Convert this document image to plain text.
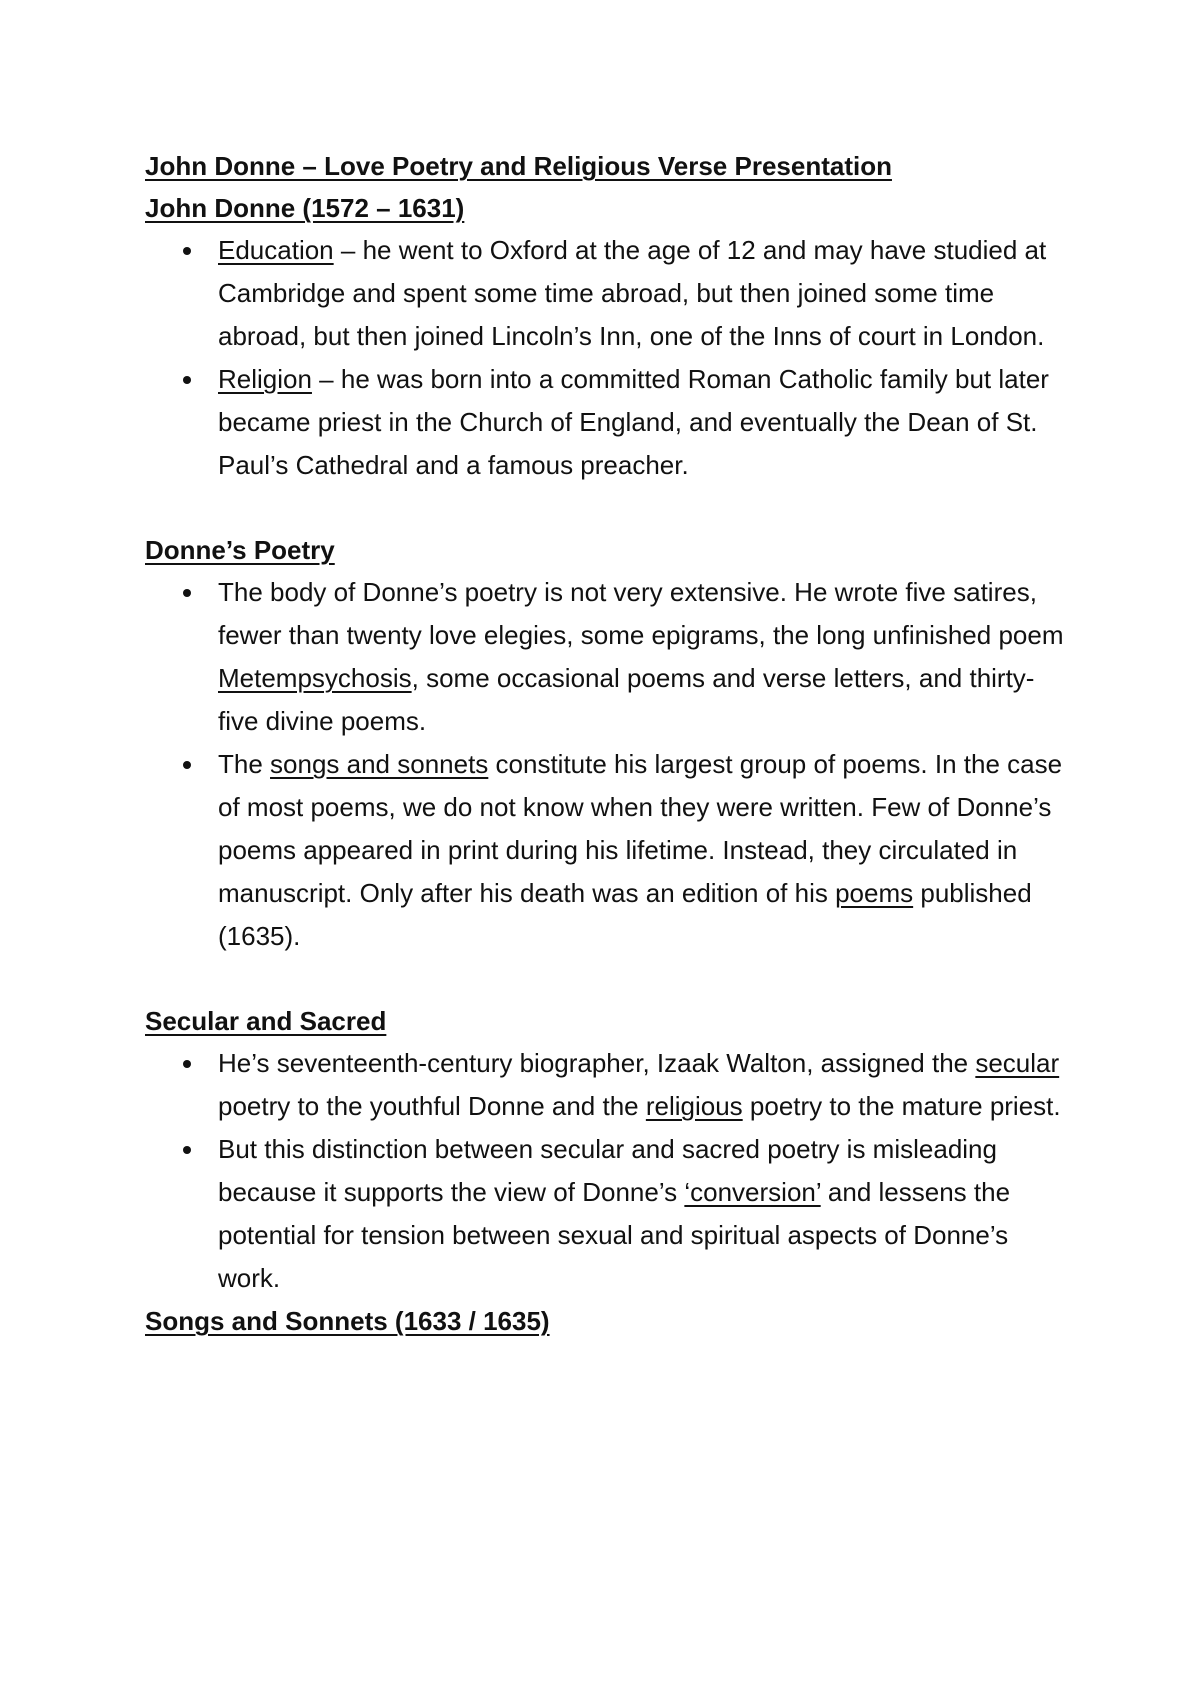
John Donne – Love Poetry and Religious Verse Presentation

John Donne (1572 – 1631)

Education – he went to Oxford at the age of 12 and may have studied at Cambridge and spent some time abroad, but then joined some time abroad, but then joined Lincoln’s Inn, one of the Inns of court in London.
Religion – he was born into a committed Roman Catholic family but later became priest in the Church of England, and eventually the Dean of St. Paul’s Cathedral and a famous preacher.

Donne’s Poetry

The body of Donne’s poetry is not very extensive. He wrote five satires, fewer than twenty love elegies, some epigrams, the long unfinished poem Metempsychosis, some occasional poems and verse letters, and thirty-five divine poems.
The songs and sonnets constitute his largest group of poems. In the case of most poems, we do not know when they were written. Few of Donne’s poems appeared in print during his lifetime. Instead, they circulated in manuscript. Only after his death was an edition of his poems published (1635).

Secular and Sacred

He’s seventeenth-century biographer, Izaak Walton, assigned the secular poetry to the youthful Donne and the religious poetry to the mature priest.
But this distinction between secular and sacred poetry is misleading because it supports the view of Donne’s ‘conversion’ and lessens the potential for tension between sexual and spiritual aspects of Donne’s work.

Songs and Sonnets (1633 / 1635)
